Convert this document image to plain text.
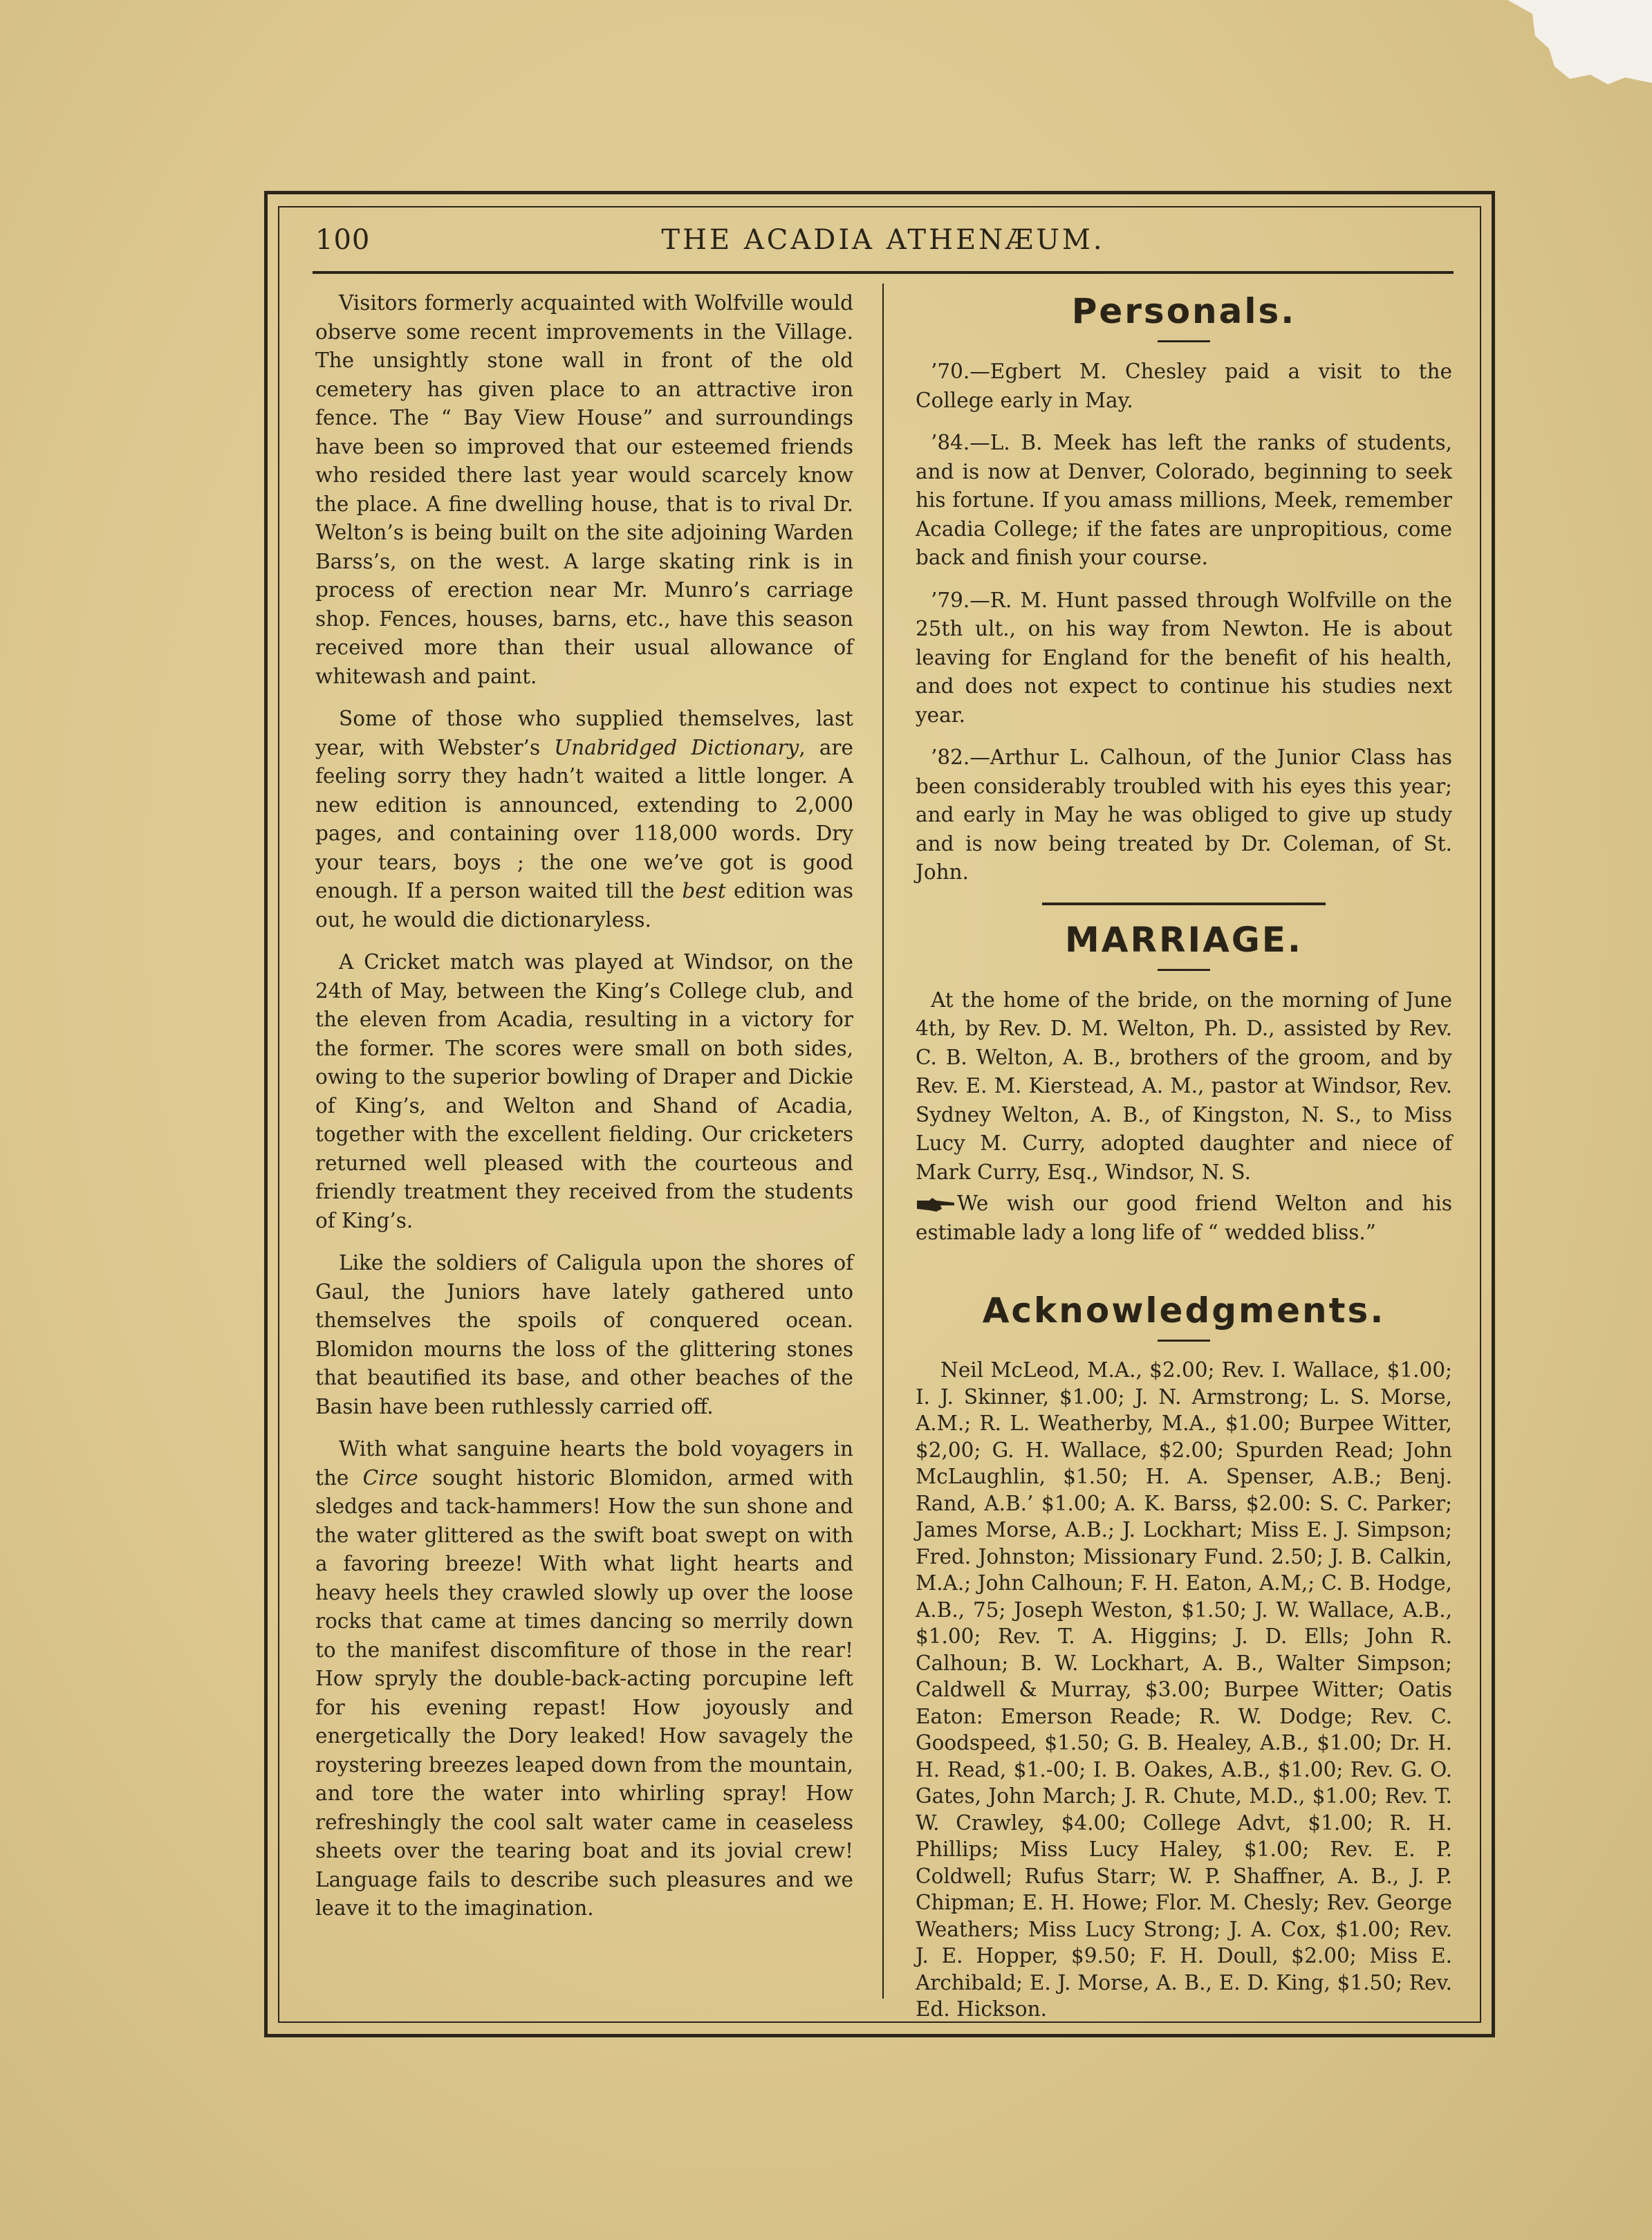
100	THE ACADIA ATHENÆUM.

Visitors formerly acquainted with Wolfville would observe some recent improvements in the Village. The unsightly stone wall in front of the old cemetery has given place to an attractive iron fence. The “ Bay View House” and surroundings have been so improved that our esteemed friends who resided there last year would scarcely know the place. A fine dwelling house, that is to rival Dr. Welton’s is being built on the site adjoining Warden Barss’s, on the west. A large skating rink is in process of erection near Mr. Munro’s carriage shop. Fences, houses, barns, etc., have this season received more than their usual allowance of whitewash and paint.

Some of those who supplied themselves, last year, with Webster’s Unabridged Dictionary, are feeling sorry they hadn’t waited a little longer. A new edition is announced, extending to 2,000 pages, and containing over 118,000 words. Dry your tears, boys ; the one we’ve got is good enough. If a person waited till the best edition was out, he would die dictionaryless.

A Cricket match was played at Windsor, on the 24th of May, between the King’s College club, and the eleven from Acadia, resulting in a victory for the former. The scores were small on both sides, owing to the superior bowling of Draper and Dickie of King’s, and Welton and Shand of Acadia, together with the excellent fielding. Our cricketers returned well pleased with the courteous and friendly treatment they received from the students of King’s.

Like the soldiers of Caligula upon the shores of Gaul, the Juniors have lately gathered unto themselves the spoils of conquered ocean. Blomidon mourns the loss of the glittering stones that beautified its base, and other beaches of the Basin have been ruthlessly carried off.

With what sanguine hearts the bold voyagers in the Circe sought historic Blomidon, armed with sledges and tack-hammers! How the sun shone and the water glittered as the swift boat swept on with a favoring breeze! With what light hearts and heavy heels they crawled slowly up over the loose rocks that came at times dancing so merrily down to the manifest discomfiture of those in the rear! How spryly the double-back-acting porcupine left for his evening repast! How joyously and energetically the Dory leaked! How savagely the roystering breezes leaped down from the mountain, and tore the water into whirling spray! How refreshingly the cool salt water came in ceaseless sheets over the tearing boat and its jovial crew! Language fails to describe such pleasures and we leave it to the imagination.

Personals.

’70.—Egbert M. Chesley paid a visit to the College early in May.

’84.—L. B. Meek has left the ranks of students, and is now at Denver, Colorado, beginning to seek his fortune. If you amass millions, Meek, remember Acadia College; if the fates are unpropitious, come back and finish your course.

’79.—R. M. Hunt passed through Wolfville on the 25th ult., on his way from Newton. He is about leaving for England for the benefit of his health, and does not expect to continue his studies next year.

’82.—Arthur L. Calhoun, of the Junior Class has been considerably troubled with his eyes this year; and early in May he was obliged to give up study and is now being treated by Dr. Coleman, of St. John.

MARRIAGE.

At the home of the bride, on the morning of June 4th, by Rev. D. M. Welton, Ph. D., assisted by Rev. C. B. Welton, A. B., brothers of the groom, and by Rev. E. M. Kierstead, A. M., pastor at Windsor, Rev. Sydney Welton, A. B., of Kingston, N. S., to Miss Lucy M. Curry, adopted daughter and niece of Mark Curry, Esq., Windsor, N. S.

We wish our good friend Welton and his estimable lady a long life of “ wedded bliss.”

Acknowledgments.

Neil McLeod, M.A., $2.00; Rev. I. Wallace, $1.00; I. J. Skinner, $1.00; J. N. Armstrong; L. S. Morse, A.M.; R. L. Weatherby, M.A., $1.00; Burpee Witter, $2,00; G. H. Wallace, $2.00; Spurden Read; John McLaughlin, $1.50; H. A. Spenser, A.B.; Benj. Rand, A.B.’ $1.00; A. K. Barss, $2.00: S. C. Parker; James Morse, A.B.; J. Lockhart; Miss E. J. Simpson; Fred. Johnston; Missionary Fund. 2.50; J. B. Calkin, M.A.; John Calhoun; F. H. Eaton, A.M,; C. B. Hodge, A.B., 75; Joseph Weston, $1.50; J. W. Wallace, A.B., $1.00; Rev. T. A. Higgins; J. D. Ells; John R. Calhoun; B. W. Lockhart, A. B., Walter Simpson; Caldwell & Murray, $3.00; Burpee Witter; Oatis Eaton: Emerson Reade; R. W. Dodge; Rev. C. Goodspeed, $1.50; G. B. Healey, A.B., $1.00; Dr. H. H. Read, $1.-00; I. B. Oakes, A.B., $1.00; Rev. G. O. Gates, John March; J. R. Chute, M.D., $1.00; Rev. T. W. Crawley, $4.00; College Advt, $1.00; R. H. Phillips; Miss Lucy Haley, $1.00; Rev. E. P. Coldwell; Rufus Starr; W. P. Shaffner, A. B., J. P. Chipman; E. H. Howe; Flor. M. Chesly; Rev. George Weathers; Miss Lucy Strong; J. A. Cox, $1.00; Rev. J. E. Hopper, $9.50; F. H. Doull, $2.00; Miss E. Archibald; E. J. Morse, A. B., E. D. King, $1.50; Rev. Ed. Hickson.
